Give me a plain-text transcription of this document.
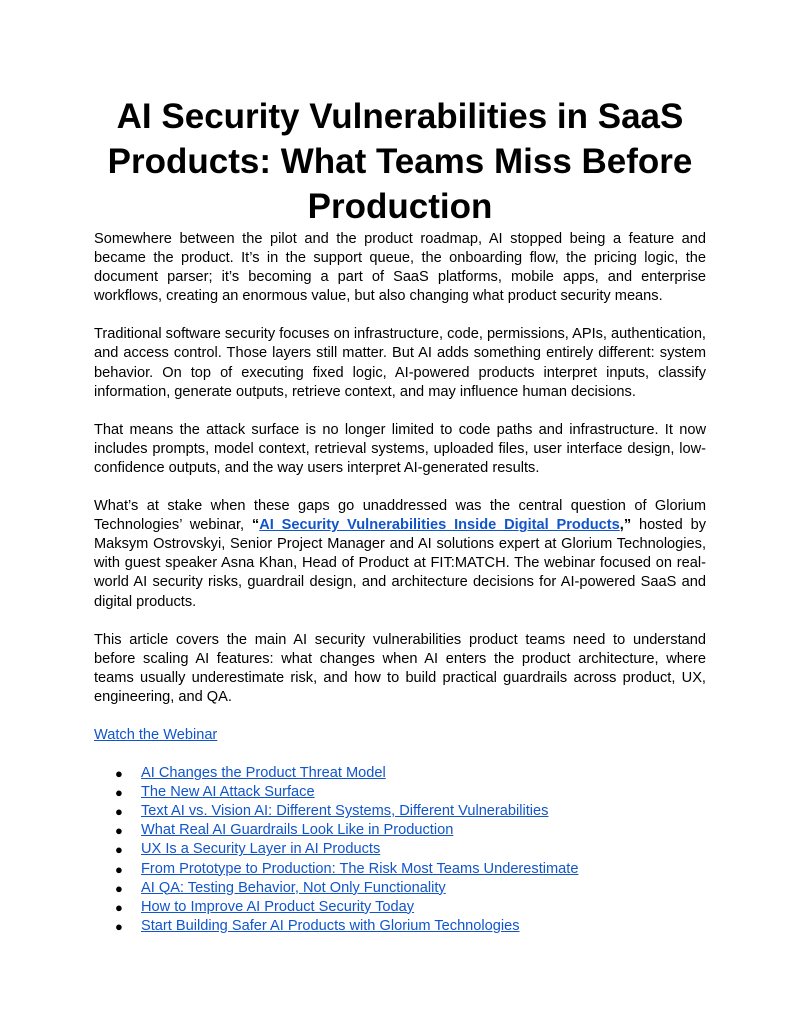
AI Security Vulnerabilities in SaaS Products: What Teams Miss Before Production

Somewhere between the pilot and the product roadmap, AI stopped being a feature and became the product. It’s in the support queue, the onboarding flow, the pricing logic, the document parser; it’s becoming a part of SaaS platforms, mobile apps, and enterprise workflows, creating an enormous value, but also changing what product security means.

Traditional software security focuses on infrastructure, code, permissions, APIs, authentication, and access control. Those layers still matter. But AI adds something entirely different: system behavior. On top of executing fixed logic, AI-powered products interpret inputs, classify information, generate outputs, retrieve context, and may influence human decisions.

That means the attack surface is no longer limited to code paths and infrastructure. It now includes prompts, model context, retrieval systems, uploaded files, user interface design, low-confidence outputs, and the way users interpret AI-generated results.

What’s at stake when these gaps go unaddressed was the central question of Glorium Technologies’ webinar, “AI Security Vulnerabilities Inside Digital Products,” hosted by Maksym Ostrovskyi, Senior Project Manager and AI solutions expert at Glorium Technologies, with guest speaker Asna Khan, Head of Product at FIT:MATCH. The webinar focused on real-world AI security risks, guardrail design, and architecture decisions for AI-powered SaaS and digital products.

This article covers the main AI security vulnerabilities product teams need to understand before scaling AI features: what changes when AI enters the product architecture, where teams usually underestimate risk, and how to build practical guardrails across product, UX, engineering, and QA.

Watch the Webinar

● AI Changes the Product Threat Model
● The New AI Attack Surface
● Text AI vs. Vision AI: Different Systems, Different Vulnerabilities
● What Real AI Guardrails Look Like in Production
● UX Is a Security Layer in AI Products
● From Prototype to Production: The Risk Most Teams Underestimate
● AI QA: Testing Behavior, Not Only Functionality
● How to Improve AI Product Security Today
● Start Building Safer AI Products with Glorium Technologies
